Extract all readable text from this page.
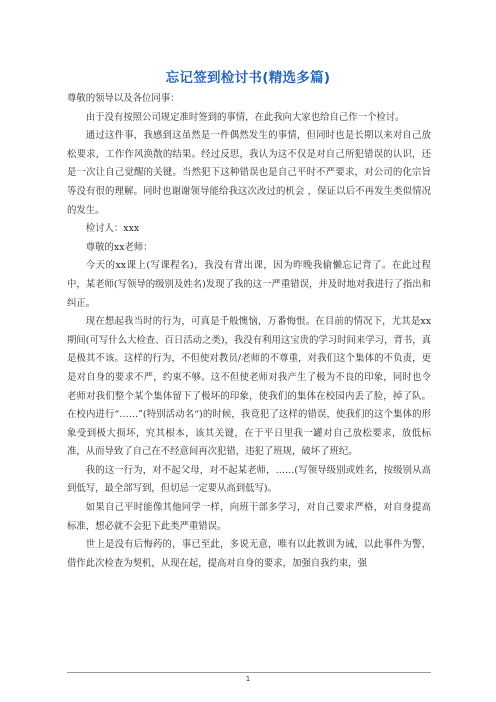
忘记签到检讨书(精选多篇)

尊敬的领导以及各位同事：

由于没有按照公司规定准时签到的事情，在此我向大家也给自己作一个检讨。

通过这件事，我感到这虽然是一件偶然发生的事情，但同时也是长期以来对自己放松要求，工作作风涣散的结果。经过反思，我认为这不仅是对自己所犯错误的认识，还是一次让自己觉醒的关键。当然犯下这种错误也是自己平时不严要求，对公司的化宗旨等没有很的理解。同时也谢谢领导能给我这次改过的机会 ，保证以后不再发生类似情况的发生。

检讨人：xxx

尊敬的xx老师：

今天的xx课上(写课程名)，我没有背出课，因为昨晚我偷懒忘记背了。在此过程中，某老师(写领导的级别及姓名)发现了我的这一严重错误，并及时地对我进行了指出和纠正。

现在想起我当时的行为，可真是千般懊恼，万番悔恨。在目前的情况下，尤其是xx期间(可写什么大检查、百日活动之类)，我没有利用这宝贵的学习时间来学习，背书，真是极其不该。这样的行为，不但使对教员/老师的不尊重，对我们这个集体的不负责，更是对自身的要求不严，约束不够。这不但使老师对我产生了极为不良的印象，同时也令老师对我们整个某个集体留下了极坏的印象，使我们的集体在校园内丢了脸，掉了队。在校内进行“……”(特别活动名“)的时候，我竟犯了这样的错误，使我们的这个集体的形象受到极大损坏，究其根本，该其关键，在于平日里我一罐对自己放松要求，放低标准，从而导致了自己在不经意间再次犯错，违犯了班规，破坏了班纪。

我的这一行为，对不起父母，对不起某老师，……(写领导级别或姓名，按级别从高到低写，最全部写到，但切忌一定要从高到低写)。

如果自己平时能像其他同学一样，向班干部多学习，对自己要求严格，对自身提高标准，想必就不会犯下此类严重错误。

世上是没有后悔药的，事已至此，多说无意，唯有以此教训为诫，以此事件为警，借作此次检查为契机，从现在起，提高对自身的要求，加强自我约束，强

1
